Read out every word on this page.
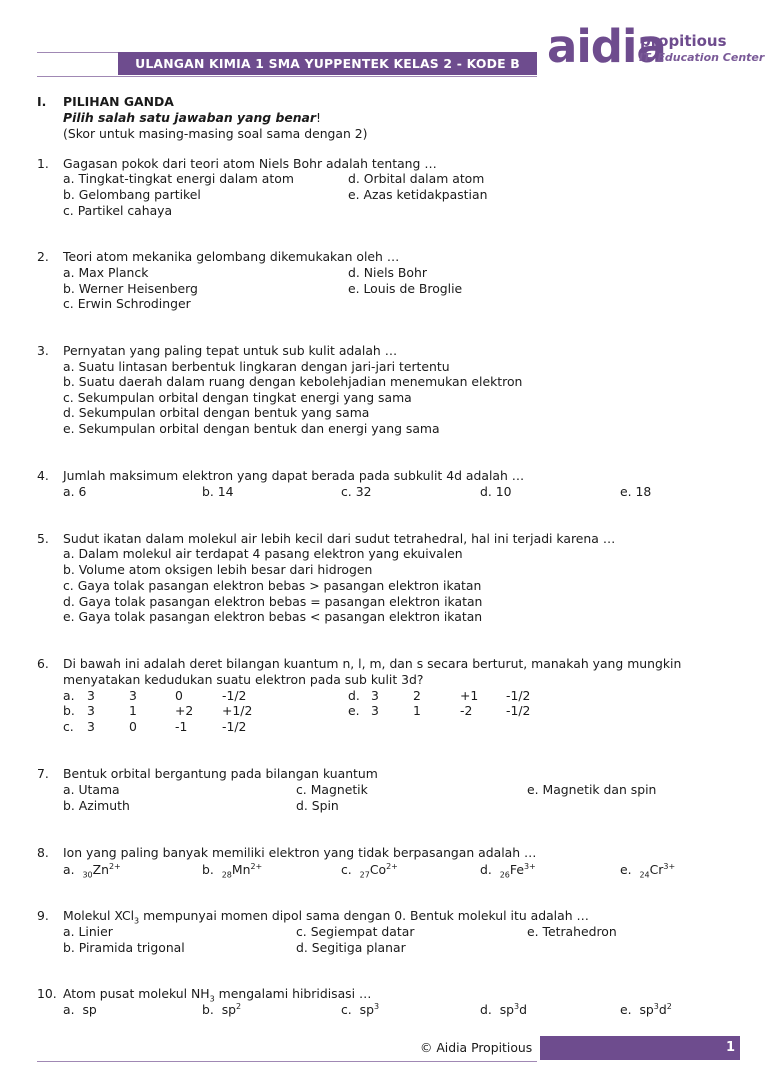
ULANGAN KIMIA 1 SMA YUPPENTEK KELAS 2 - KODE B aidia
propitious
IT- Education Center
I. PILIHAN GANDA
Pilih salah satu jawaban yang benar!
(Skor untuk masing-masing soal sama dengan 2)
1. Gagasan pokok dari teori atom Niels Bohr adalah tentang …
a. Tingkat-tingkat energi dalam atom	d. Orbital dalam atom
b. Gelombang partikel	e. Azas ketidakpastian
c. Partikel cahaya
2. Teori atom mekanika gelombang dikemukakan oleh …
a. Max Planck	d. Niels Bohr
b. Werner Heisenberg	e. Louis de Broglie
c. Erwin Schrodinger
3. Pernyatan yang paling tepat untuk sub kulit adalah …
a. Suatu lintasan berbentuk lingkaran dengan jari-jari tertentu
b. Suatu daerah dalam ruang dengan kebolehjadian menemukan elektron
c. Sekumpulan orbital dengan tingkat energi yang sama
d. Sekumpulan orbital dengan bentuk yang sama
e. Sekumpulan orbital dengan bentuk dan energi yang sama
4. Jumlah maksimum elektron yang dapat berada pada subkulit 4d adalah …
a. 6	b. 14	c. 32	d. 10	e. 18
5. Sudut ikatan dalam molekul air lebih kecil dari sudut tetrahedral, hal ini terjadi karena …
a. Dalam molekul air terdapat 4 pasang elektron yang ekuivalen
b. Volume atom oksigen lebih besar dari hidrogen
c. Gaya tolak pasangan elektron bebas > pasangan elektron ikatan
d. Gaya tolak pasangan elektron bebas = pasangan elektron ikatan
e. Gaya tolak pasangan elektron bebas < pasangan elektron ikatan
6. Di bawah ini adalah deret bilangan kuantum n, l, m, dan s secara berturut, manakah yang mungkin
menyatakan kedudukan suatu elektron pada sub kulit 3d?
a. 3	3	0	-1/2	d. 3	2	+1 -1/2
b. 3	1	+2 +1/2	e. 3	1	-2	-1/2
c. 3	0	-1	-1/2
7. Bentuk orbital bergantung pada bilangan kuantum
a. Utama	c. Magnetik	e. Magnetik dan spin
b. Azimuth	d. Spin
8. Ion yang paling banyak memiliki elektron yang tidak berpasangan adalah …
a. $_{30}Zn^{2+}$	b. $_{28}Mn^{2+}$	c. $_{27}Co^{2+}$	d. $_{26}Fe^{3+}$	e. $_{24}Cr^{3+}$
9. Molekul XCl$_3$ mempunyai momen dipol sama dengan 0. Bentuk molekul itu adalah …
a. Linier	c. Segiempat datar	e. Tetrahedron
b. Piramida trigonal	d. Segitiga planar
10. Atom pusat molekul $NH_3$ mengalami hibridisasi …
a. sp	b. $sp^2$	c. $sp^3$	d. $sp^3d$	e. $sp^3d^2$
© Aidia Propitious	1
